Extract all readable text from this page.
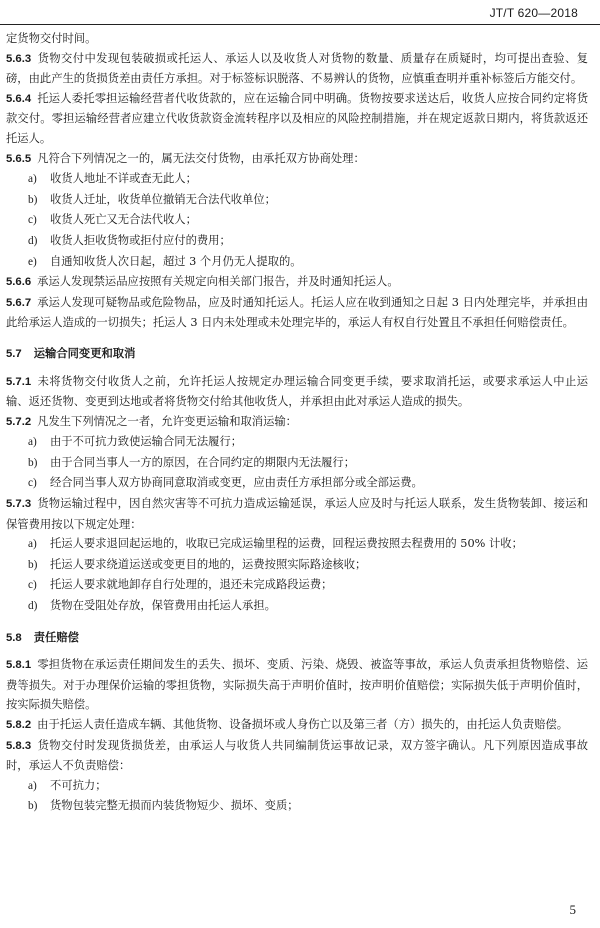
JT/T 620—2018
定货物交付时间。
5.6.3 货物交付中发现包装破损或托运人、承运人以及收货人对货物的数量、质量存在质疑时，均可提出查验、复磅，由此产生的货损货差由责任方承担。对于标签标识脱落、不易辨认的货物，应慎重查明并重补标签后方能交付。
5.6.4 托运人委托零担运输经营者代收货款的，应在运输合同中明确。货物按要求送达后，收货人应按合同约定将货款交付。零担运输经营者应建立代收货款资金流转程序以及相应的风险控制措施，并在规定返款日期内，将货款返还托运人。
5.6.5 凡符合下列情况之一的，属无法交付货物，由承托双方协商处理：
a) 收货人地址不详或查无此人；
b) 收货人迁址，收货单位撤销无合法代收单位；
c) 收货人死亡又无合法代收人；
d) 收货人拒收货物或拒付应付的费用；
e) 自通知收货人次日起，超过 3 个月仍无人提取的。
5.6.6 承运人发现禁运品应按照有关规定向相关部门报告，并及时通知托运人。
5.6.7 承运人发现可疑物品或危险物品，应及时通知托运人。托运人应在收到通知之日起 3 日内处理完毕，并承担由此给承运人造成的一切损失；托运人 3 日内未处理或未处理完毕的，承运人有权自行处置且不承担任何赔偿责任。
5.7 运输合同变更和取消
5.7.1 未将货物交付收货人之前，允许托运人按规定办理运输合同变更手续，要求取消托运，或要求承运人中止运输、返还货物、变更到达地或者将货物交付给其他收货人，并承担由此对承运人造成的损失。
5.7.2 凡发生下列情况之一者，允许变更运输和取消运输：
a) 由于不可抗力致使运输合同无法履行；
b) 由于合同当事人一方的原因，在合同约定的期限内无法履行；
c) 经合同当事人双方协商同意取消或变更，应由责任方承担部分或全部运费。
5.7.3 货物运输过程中，因自然灾害等不可抗力造成运输延误，承运人应及时与托运人联系，发生货物装卸、接运和保管费用按以下规定处理：
a) 托运人要求退回起运地的，收取已完成运输里程的运费，回程运费按照去程费用的 50% 计收；
b) 托运人要求绕道运送或变更目的地的，运费按照实际路途核收；
c) 托运人要求就地卸存自行处理的，退还未完成路段运费；
d) 货物在受阻处存放，保管费用由托运人承担。
5.8 责任赔偿
5.8.1 零担货物在承运责任期间发生的丢失、损坏、变质、污染、烧毁、被盗等事故，承运人负责承担货物赔偿、运费等损失。对于办理保价运输的零担货物，实际损失高于声明价值时，按声明价值赔偿；实际损失低于声明价值时，按实际损失赔偿。
5.8.2 由于托运人责任造成车辆、其他货物、设备损坏或人身伤亡以及第三者（方）损失的，由托运人负责赔偿。
5.8.3 货物交付时发现货损货差，由承运人与收货人共同编制货运事故记录，双方签字确认。凡下列原因造成事故时，承运人不负责赔偿：
a) 不可抗力；
b) 货物包装完整无损而内装货物短少、损坏、变质；
5
